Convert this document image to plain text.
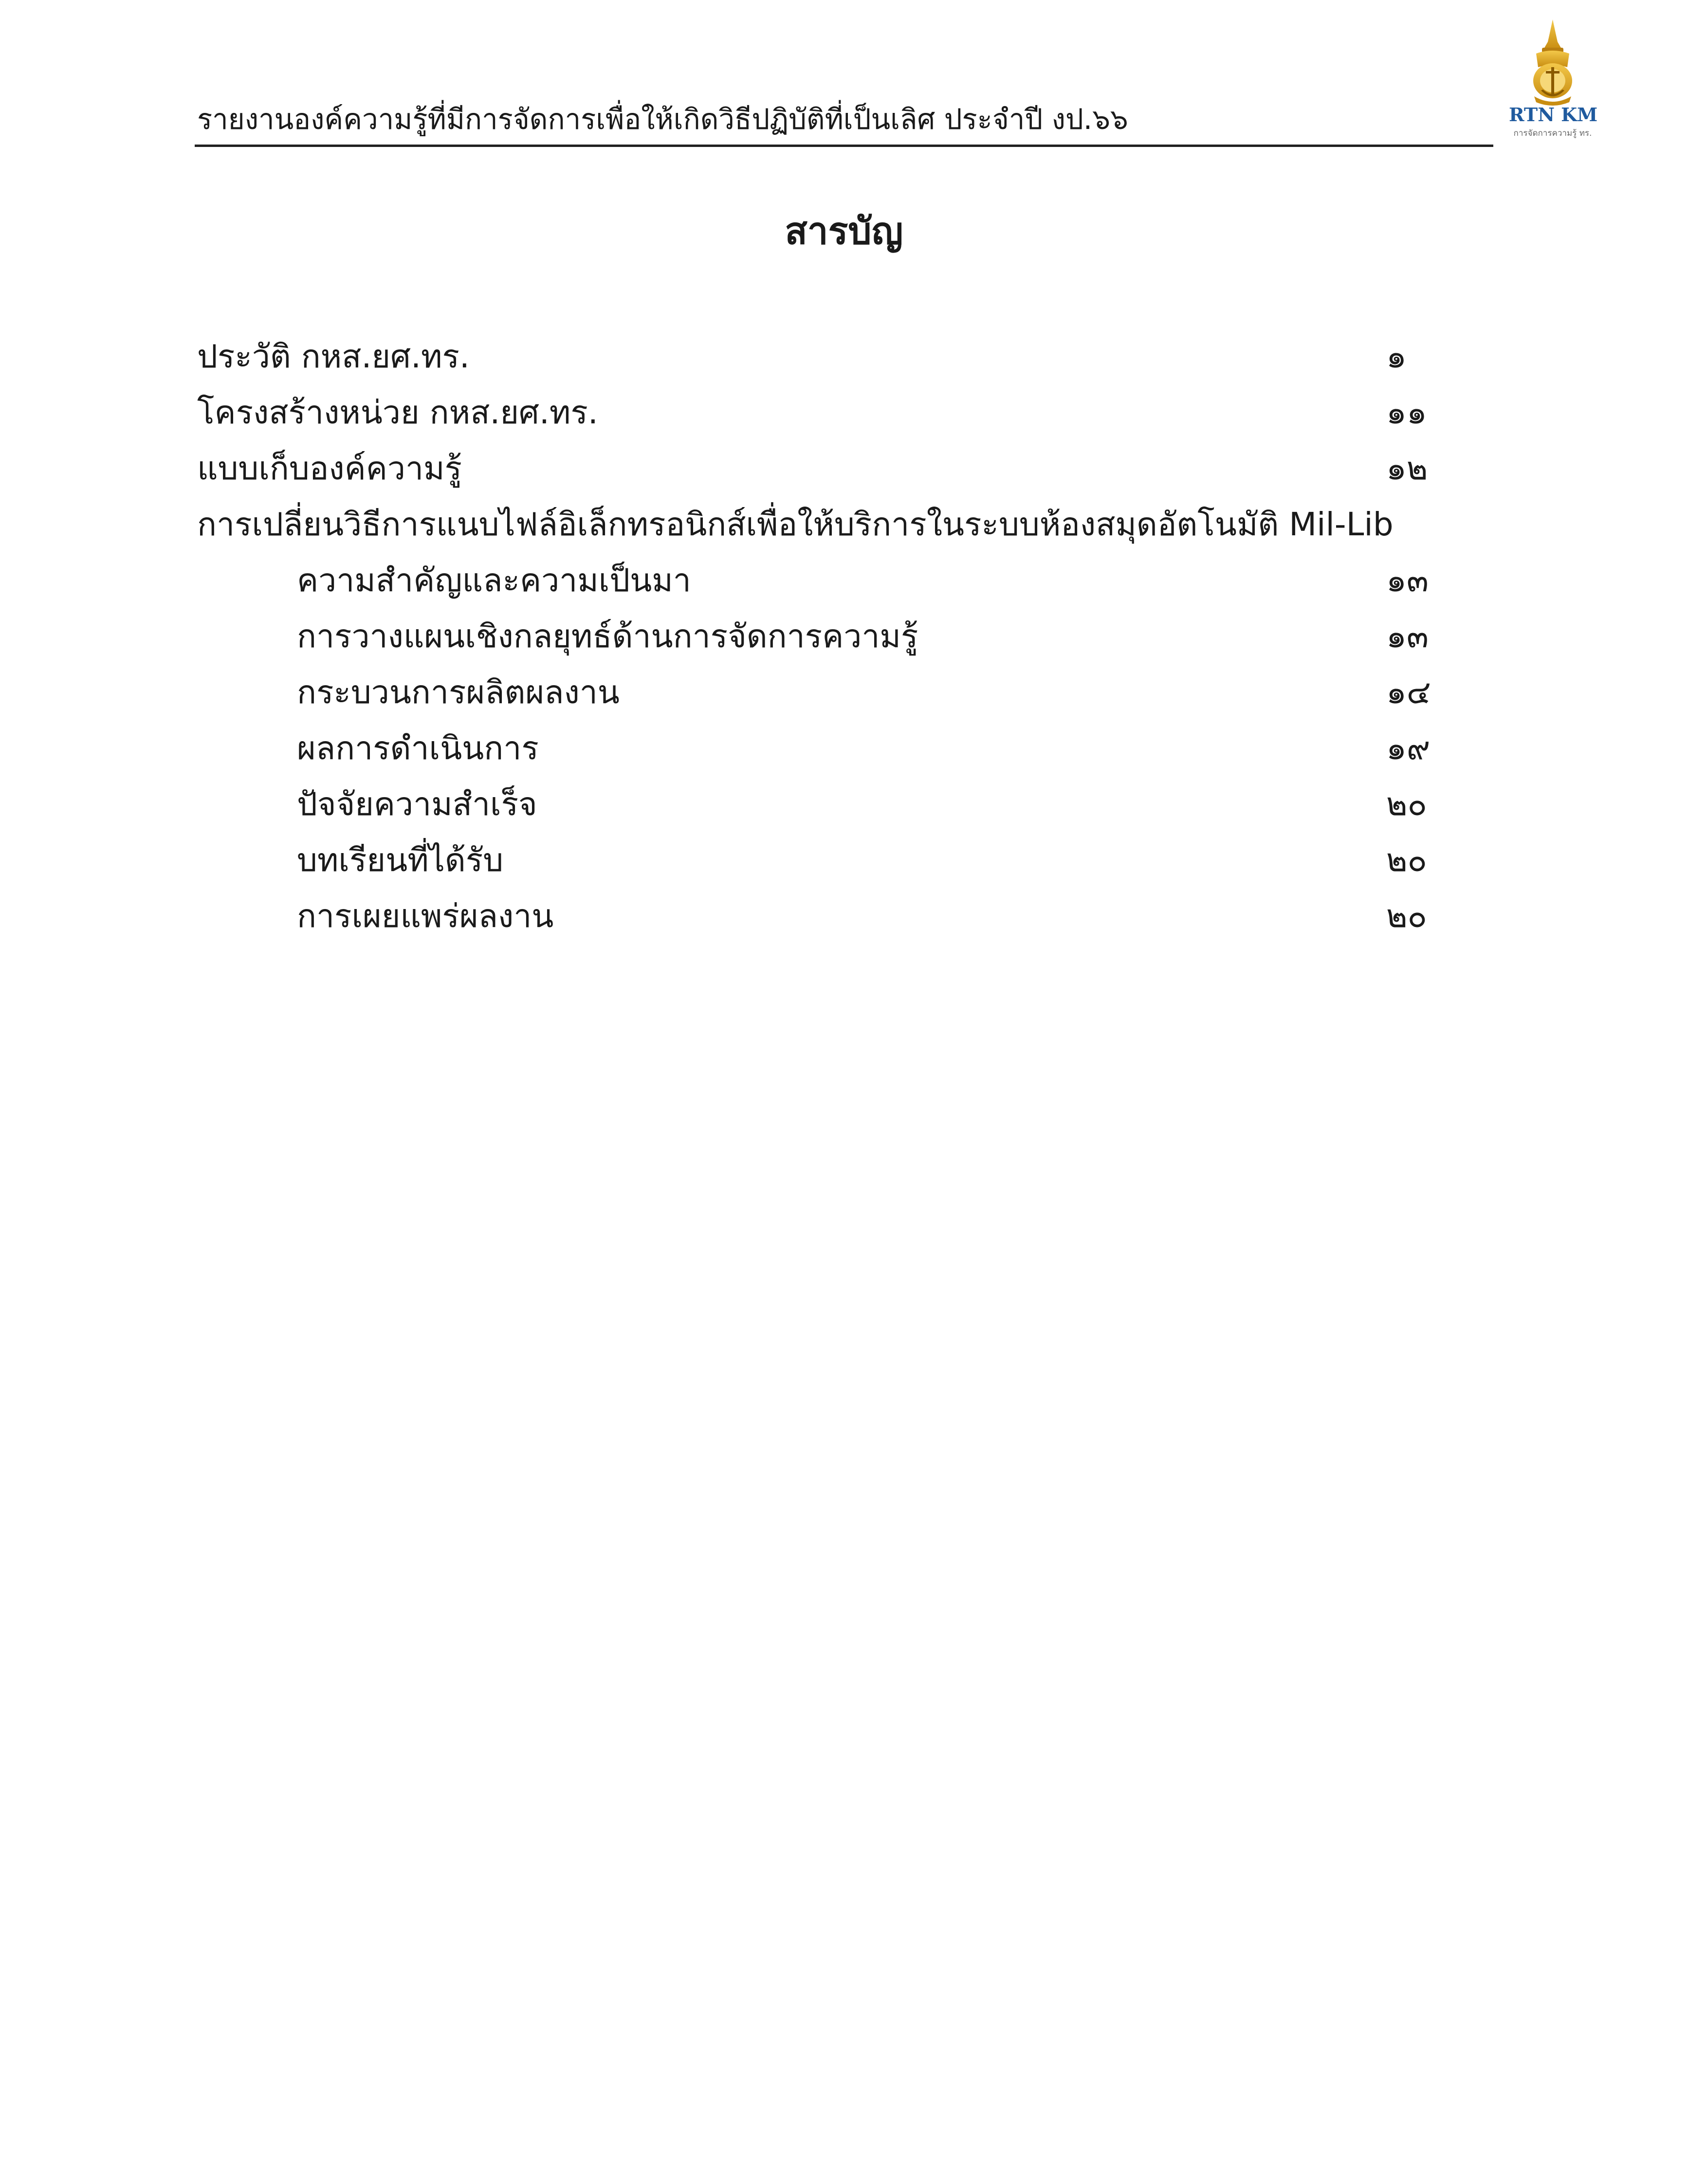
รายงานองค์ความรู้ที่มีการจัดการเพื่อให้เกิดวิธีปฏิบัติที่เป็นเลิศ ประจำปี งป.๖๖	RTN KM
การจัดการความรู้ ทร.
สารบัญ
ประวัติ กหส.ยศ.ทร.	๑
โครงสร้างหน่วย กหส.ยศ.ทร.	๑๑
แบบเก็บองค์ความรู้	๑๒
การเปลี่ยนวิธีการแนบไฟล์อิเล็กทรอนิกส์เพื่อให้บริการในระบบห้องสมุดอัตโนมัติ Mil-Lib
ความสำคัญและความเป็นมา	๑๓
การวางแผนเชิงกลยุทธ์ด้านการจัดการความรู้	๑๓
กระบวนการผลิตผลงาน	๑๔
ผลการดำเนินการ	๑๙
ปัจจัยความสำเร็จ	๒๐
บทเรียนที่ได้รับ	๒๐
การเผยแพร่ผลงาน	๒๐
